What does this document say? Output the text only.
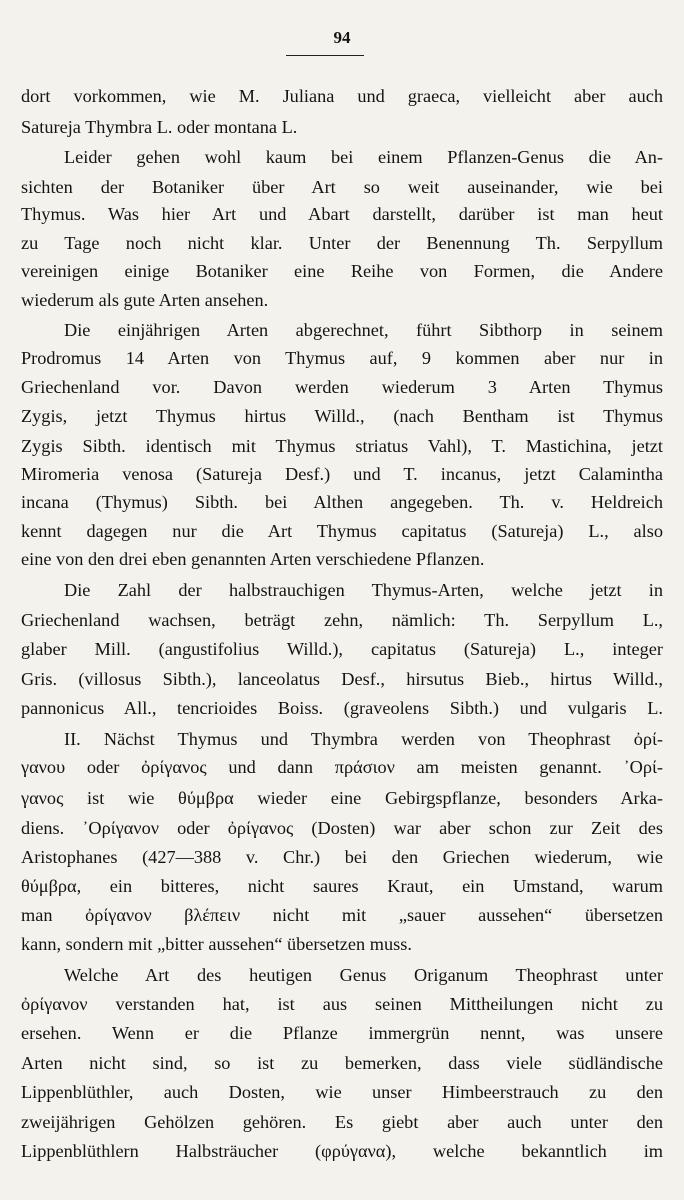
94
dort vorkommen, wie M. Juliana und graeca, vielleicht aber auch
Satureja Thymbra L. oder montana L.
Leider gehen wohl kaum bei einem Pflanzen-Genus die An-
sichten der Botaniker über Art so weit auseinander, wie bei
Thymus. Was hier Art und Abart darstellt, darüber ist man heut
zu Tage noch nicht klar. Unter der Benennung Th. Serpyllum
vereinigen einige Botaniker eine Reihe von Formen, die Andere
wiederum als gute Arten ansehen.
Die einjährigen Arten abgerechnet, führt Sibthorp in seinem
Prodromus 14 Arten von Thymus auf, 9 kommen aber nur in
Griechenland vor. Davon werden wiederum 3 Arten Thymus
Zygis, jetzt Thymus hirtus Willd., (nach Bentham ist Thymus
Zygis Sibth. identisch mit Thymus striatus Vahl), T. Mastichina, jetzt
Miromeria venosa (Satureja Desf.) und T. incanus, jetzt Calamintha
incana (Thymus) Sibth. bei Althen angegeben. Th. v. Heldreich
kennt dagegen nur die Art Thymus capitatus (Satureja) L., also
eine von den drei eben genannten Arten verschiedene Pflanzen.
Die Zahl der halbstrauchigen Thymus-Arten, welche jetzt in
Griechenland wachsen, beträgt zehn, nämlich: Th. Serpyllum L.,
glaber Mill. (angustifolius Willd.), capitatus (Satureja) L., integer
Gris. (villosus Sibth.), lanceolatus Desf., hirsutus Bieb., hirtus Willd.,
pannonicus All., tencrioides Boiss. (graveolens Sibth.) und vulgaris L.
II. Nächst Thymus und Thymbra werden von Theophrast ὀρί-
γανου oder ὀρίγανος und dann πράσιον am meisten genannt. ᾿Ορί-
γανος ist wie θύμβρα wieder eine Gebirgspflanze, besonders Arka-
diens. ᾿Ορίγανον oder ὀρίγανος (Dosten) war aber schon zur Zeit des
Aristophanes (427—388 v. Chr.) bei den Griechen wiederum, wie
θύμβρα, ein bitteres, nicht saures Kraut, ein Umstand, warum
man ὀρίγανον βλέπειν nicht mit „sauer aussehen“ übersetzen
kann, sondern mit „bitter aussehen“ übersetzen muss.
Welche Art des heutigen Genus Origanum Theophrast unter
ὀρίγανον verstanden hat, ist aus seinen Mittheilungen nicht zu
ersehen. Wenn er die Pflanze immergrün nennt, was unsere
Arten nicht sind, so ist zu bemerken, dass viele südländische
Lippenblüthler, auch Dosten, wie unser Himbeerstrauch zu den
zweijährigen Gehölzen gehören. Es giebt aber auch unter den
Lippenblüthlern Halbsträucher (φρύγανα), welche bekanntlich im
